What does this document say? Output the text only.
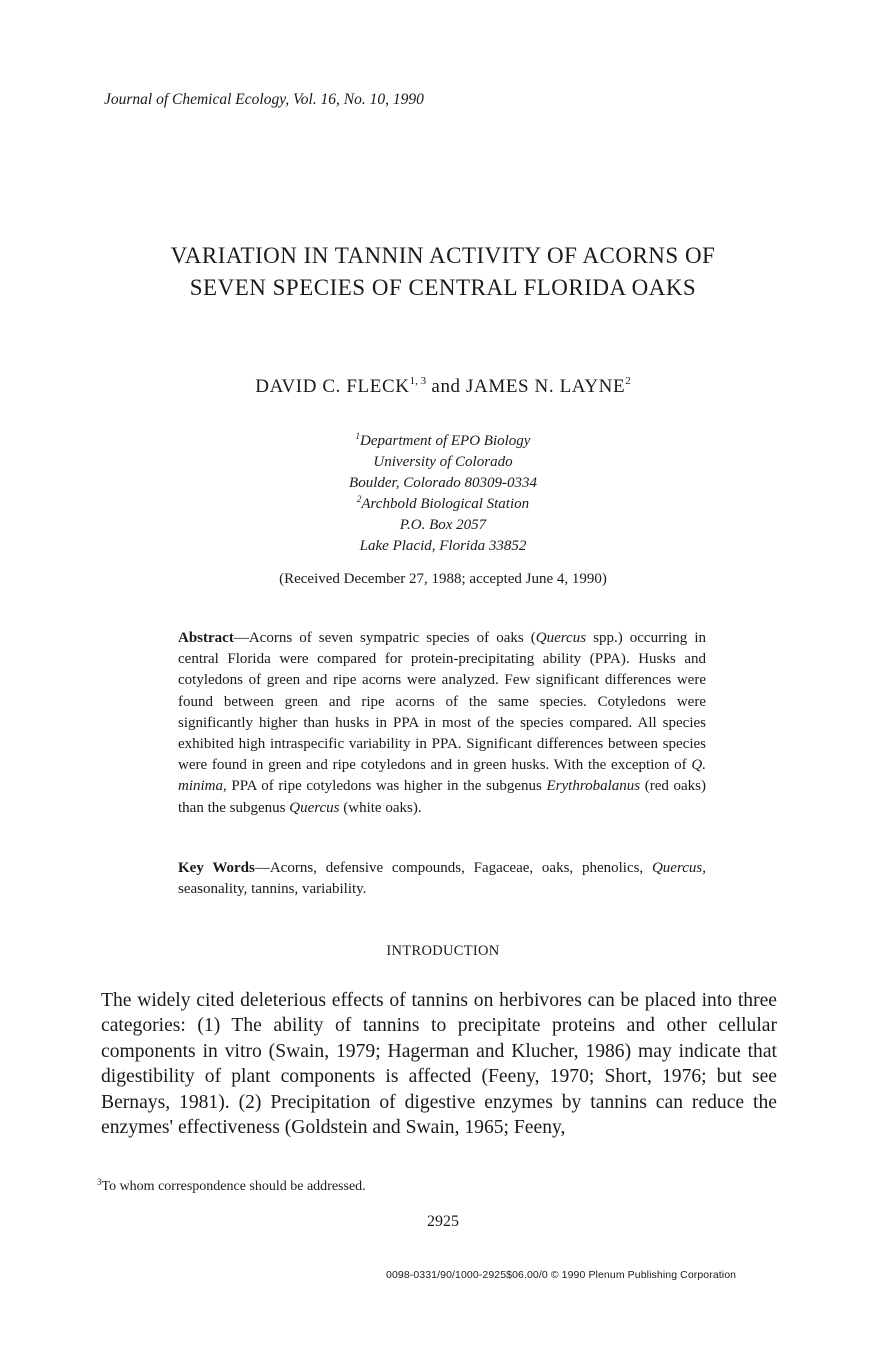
Journal of Chemical Ecology, Vol. 16, No. 10, 1990
VARIATION IN TANNIN ACTIVITY OF ACORNS OF
SEVEN SPECIES OF CENTRAL FLORIDA OAKS
DAVID C. FLECK$^{1, 3}$ and JAMES N. LAYNE$^2$
$^1$Department of EPO Biology
University of Colorado
Boulder, Colorado 80309-0334
$^2$Archbold Biological Station
P.O. Box 2057
Lake Placid, Florida 33852
(Received December 27, 1988; accepted June 4, 1990)
Abstract—Acorns of seven sympatric species of oaks (Quercus spp.) occurring in central Florida were compared for protein-precipitating ability (PPA). Husks and cotyledons of green and ripe acorns were analyzed. Few significant differences were found between green and ripe acorns of the same species. Cotyledons were significantly higher than husks in PPA in most of the species compared. All species exhibited high intraspecific variability in PPA. Significant differences between species were found in green and ripe cotyledons and in green husks. With the exception of Q. minima, PPA of ripe cotyledons was higher in the subgenus Erythrobalanus (red oaks) than the subgenus Quercus (white oaks).
Key Words—Acorns, defensive compounds, Fagaceae, oaks, phenolics, Quercus, seasonality, tannins, variability.
INTRODUCTION
The widely cited deleterious effects of tannins on herbivores can be placed into three categories: (1) The ability of tannins to precipitate proteins and other cellular components in vitro (Swain, 1979; Hagerman and Klucher, 1986) may indicate that digestibility of plant components is affected (Feeny, 1970; Short, 1976; but see Bernays, 1981). (2) Precipitation of digestive enzymes by tannins can reduce the enzymes' effectiveness (Goldstein and Swain, 1965; Feeny,
$^3$To whom correspondence should be addressed.
2925
0098-0331/90/1000-2925$06.00/0 © 1990 Plenum Publishing Corporation
